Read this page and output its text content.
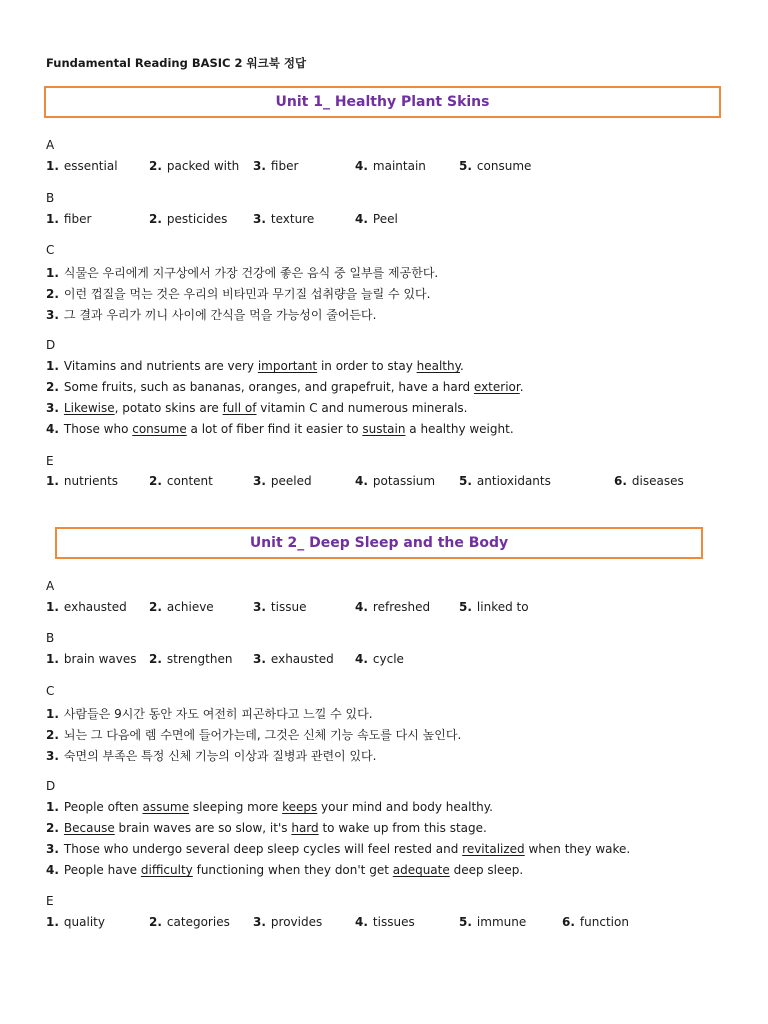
Fundamental Reading BASIC 2 워크북 정답
Unit 1_ Healthy Plant Skins
A
1. essential	2. packed with 3. fiber	4. maintain	5. consume
B
1. fiber	2. pesticides 3. texture	4. Peel
C
1. 식물은 우리에게 지구상에서 가장 건강에 좋은 음식 중 일부를 제공한다.
2. 이런 껍질을 먹는 것은 우리의 비타민과 무기질 섭취량을 늘릴 수 있다.
3. 그 결과 우리가 끼니 사이에 간식을 먹을 가능성이 줄어든다.
D
1. Vitamins and nutrients are very important in order to stay healthy.
2. Some fruits, such as bananas, oranges, and grapefruit, have a hard exterior.
3. Likewise, potato skins are full of vitamin C and numerous minerals.
4. Those who consume a lot of fiber find it easier to sustain a healthy weight.
E
1. nutrients	2. content	3. peeled	4. potassium 5. antioxidants	6. diseases
Unit 2_ Deep Sleep and the Body
A
1. exhausted 2. achieve	3. tissue	4. refreshed 5. linked to
B
1. brain waves 2. strengthen 3. exhausted 4. cycle
C
1. 사람들은 9시간 동안 자도 여전히 피곤하다고 느낄 수 있다.
2. 뇌는 그 다음에 렘 수면에 들어가는데, 그것은 신체 기능 속도를 다시 높인다.
3. 숙면의 부족은 특정 신체 기능의 이상과 질병과 관련이 있다.
D
1. People often assume sleeping more keeps your mind and body healthy.
2. Because brain waves are so slow, it's hard to wake up from this stage.
3. Those who undergo several deep sleep cycles will feel rested and revitalized when they wake.
4. People have difficulty functioning when they don't get adequate deep sleep.
E
1. quality	2. categories 3. provides	4. tissues	5. immune	6. function
